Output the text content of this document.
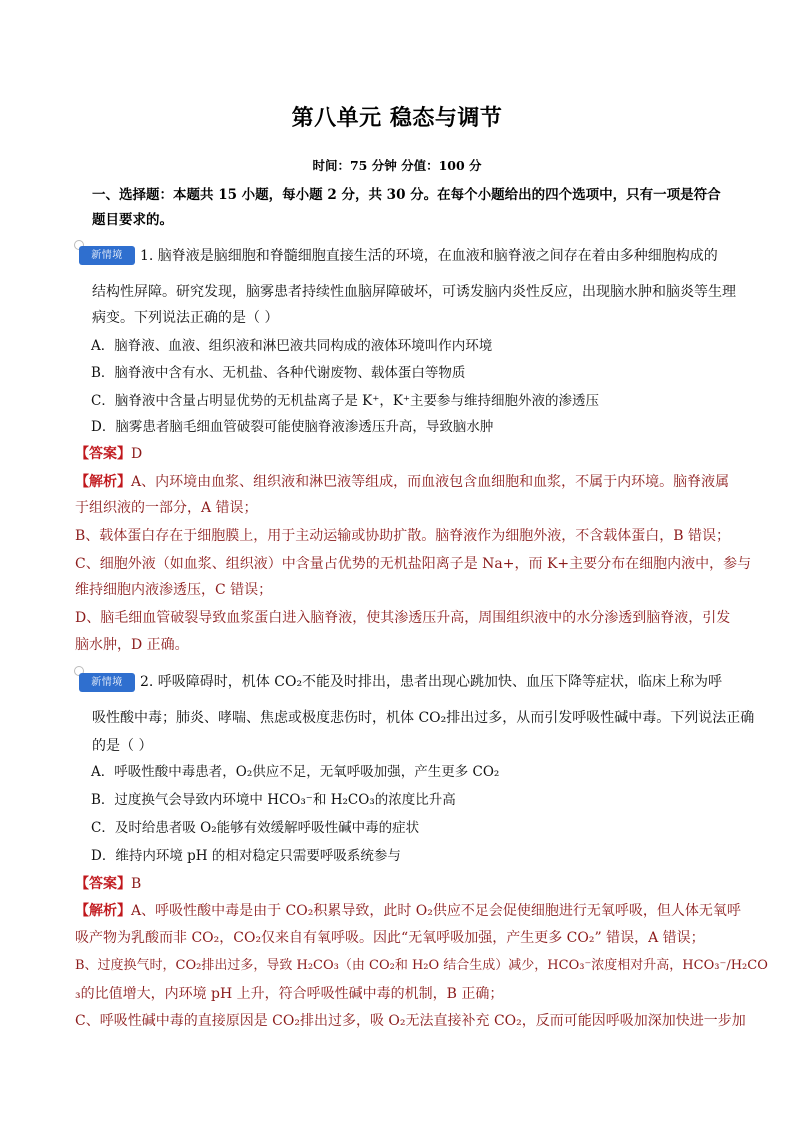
第八单元 稳态与调节
时间：75 分钟 分值：100 分
一、选择题：本题共 15 小题，每小题 2 分，共 30 分。在每个小题给出的四个选项中，只有一项是符合题目要求的。
新情境	1. 脑脊液是脑细胞和脊髓细胞直接生活的环境，在血液和脑脊液之间存在着由多种细胞构成的
结构性屏障。研究发现，脑雾患者持续性血脑屏障破坏，可诱发脑内炎性反应，出现脑水肿和脑炎等生理
病变。下列说法正确的是（ ）
A．脑脊液、血液、组织液和淋巴液共同构成的液体环境叫作内环境
B．脑脊液中含有水、无机盐、各种代谢废物、载体蛋白等物质
C．脑脊液中含量占明显优势的无机盐离子是 K⁺，K⁺主要参与维持细胞外液的渗透压
D．脑雾患者脑毛细血管破裂可能使脑脊液渗透压升高，导致脑水肿
【答案】D
【解析】A、内环境由血浆、组织液和淋巴液等组成，而血液包含血细胞和血浆，不属于内环境。脑脊液属
于组织液的一部分，A 错误；
B、载体蛋白存在于细胞膜上，用于主动运输或协助扩散。脑脊液作为细胞外液，不含载体蛋白，B 错误；
C、细胞外液（如血浆、组织液）中含量占优势的无机盐阳离子是 Na+，而 K+主要分布在细胞内液中，参与
维持细胞内液渗透压，C 错误；
D、脑毛细血管破裂导致血浆蛋白进入脑脊液，使其渗透压升高，周围组织液中的水分渗透到脑脊液，引发
脑水肿，D 正确。
新情境	2. 呼吸障碍时，机体 CO₂不能及时排出，患者出现心跳加快、血压下降等症状，临床上称为呼
吸性酸中毒；肺炎、哮喘、焦虑或极度悲伤时，机体 CO₂排出过多，从而引发呼吸性碱中毒。下列说法正确
的是（ ）
A．呼吸性酸中毒患者，O₂供应不足，无氧呼吸加强，产生更多 CO₂
B．过度换气会导致内环境中 HCO₃⁻和 H₂CO₃的浓度比升高
C．及时给患者吸 O₂能够有效缓解呼吸性碱中毒的症状
D．维持内环境 pH 的相对稳定只需要呼吸系统参与
【答案】B
【解析】A、呼吸性酸中毒是由于 CO₂积累导致，此时 O₂供应不足会促使细胞进行无氧呼吸，但人体无氧呼
吸产物为乳酸而非 CO₂，CO₂仅来自有氧呼吸。因此“无氧呼吸加强，产生更多 CO₂” 错误，A 错误；
B、过度换气时，CO₂排出过多，导致 H₂CO₃（由 CO₂和 H₂O 结合生成）减少，HCO₃⁻浓度相对升高，HCO₃⁻/H₂CO
₃的比值增大，内环境 pH 上升，符合呼吸性碱中毒的机制，B 正确；
C、呼吸性碱中毒的直接原因是 CO₂排出过多，吸 O₂无法直接补充 CO₂，反而可能因呼吸加深加快进一步加
